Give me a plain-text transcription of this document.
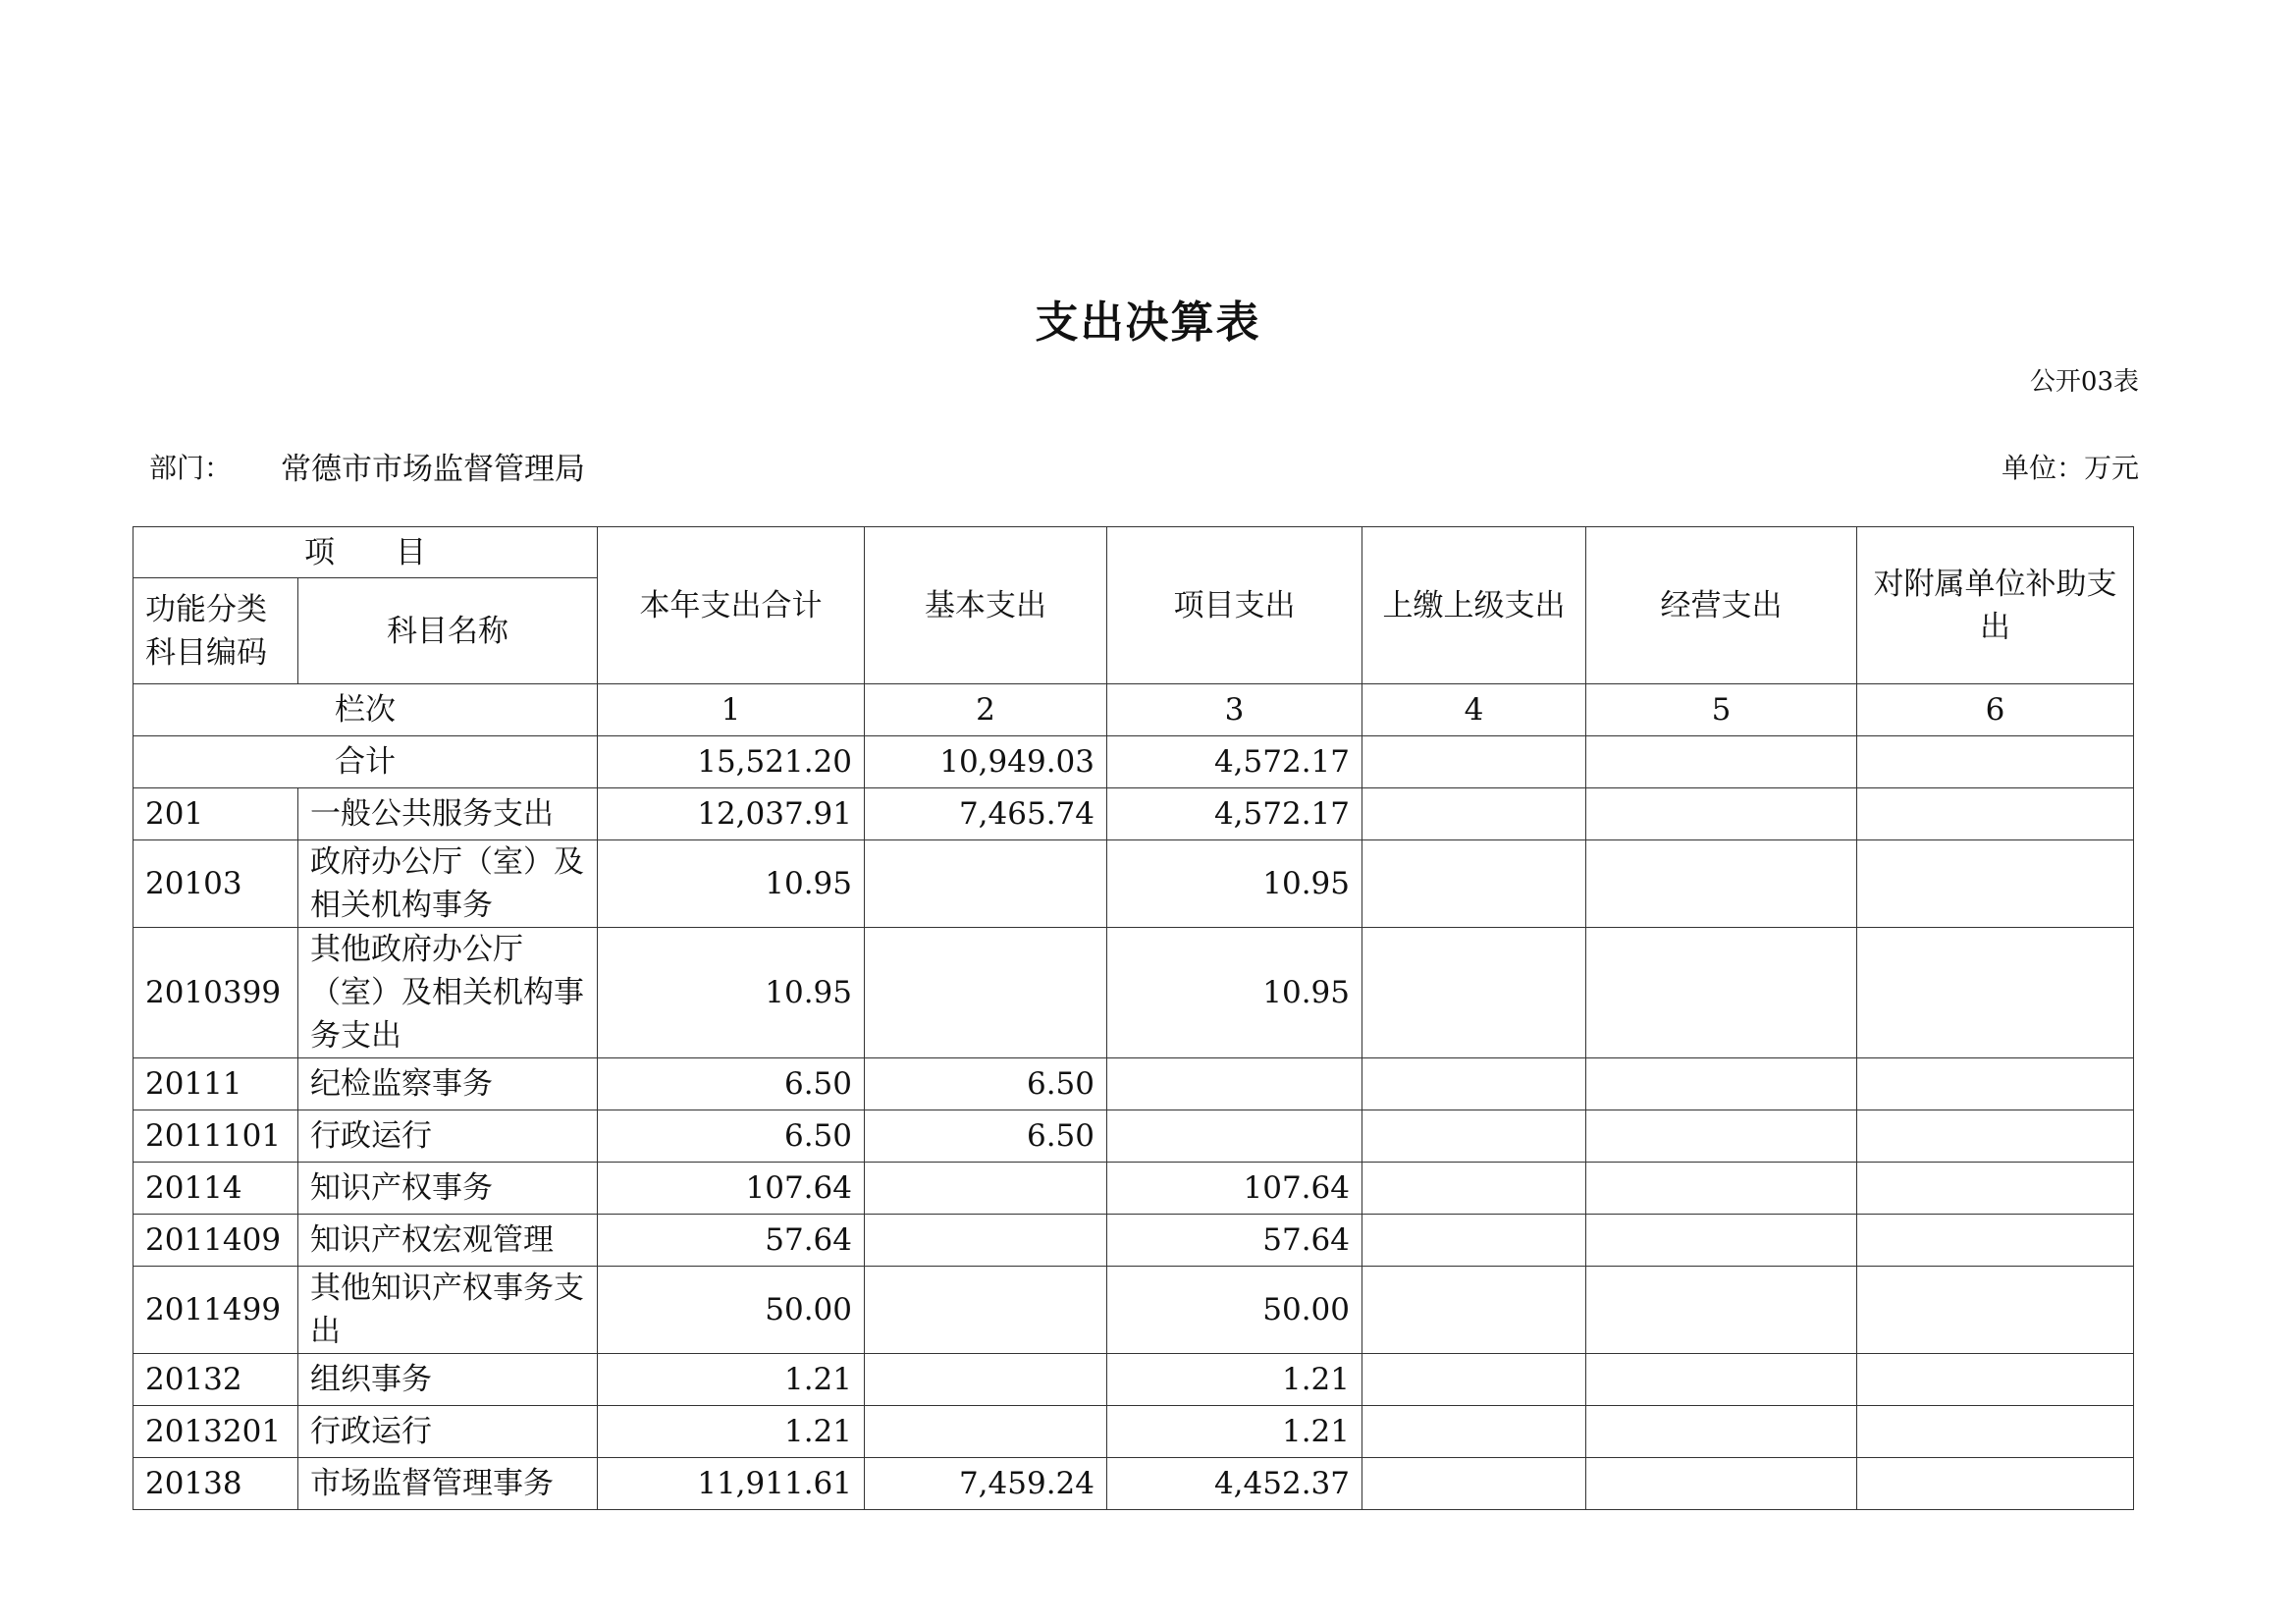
支出决算表
公开03表
部门： 常德市市场监督管理局	单位：万元
项　　目		本年支出合计	基本支出	项目支出	上缴上级支出	经营支出	对附属单位补助支出
功能分类科目编码	科目名称						
栏次		1	2	3	4	5	6
合计		15,521.20	10,949.03	4,572.17			
201	一般公共服务支出	12,037.91	7,465.74	4,572.17			
20103	政府办公厅（室）及相关机构事务	10.95		10.95			
2010399	其他政府办公厅（室）及相关机构事务支出	10.95		10.95			
20111	纪检监察事务	6.50	6.50				
2011101	行政运行	6.50	6.50				
20114	知识产权事务	107.64		107.64			
2011409	知识产权宏观管理	57.64		57.64			
2011499	其他知识产权事务支出	50.00		50.00			
20132	组织事务	1.21		1.21			
2013201	行政运行	1.21		1.21			
20138	市场监督管理事务	11,911.61	7,459.24	4,452.37			
